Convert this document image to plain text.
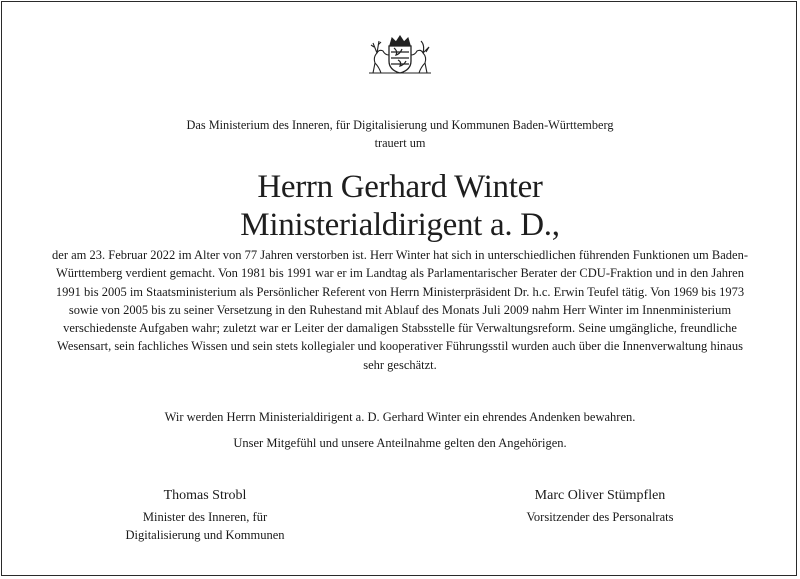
Das Ministerium des Inneren, für Digitalisierung und Kommunen Baden-Württemberg
trauert um
Herrn Gerhard Winter
Ministerialdirigent a. D.,

der am 23. Februar 2022 im Alter von 77 Jahren verstorben ist. Herr Winter hat sich in unterschiedlichen führenden Funktionen um Baden-Württemberg verdient gemacht. Von 1981 bis 1991 war er im Landtag als Parlamentarischer Berater der CDU-Fraktion und in den Jahren 1991 bis 2005 im Staatsministerium als Persönlicher Referent von Herrn Ministerpräsident Dr. h.c. Erwin Teufel tätig. Von 1969 bis 1973 sowie von 2005 bis zu seiner Versetzung in den Ruhestand mit Ablauf des Monats Juli 2009 nahm Herr Winter im Innenministerium verschiedenste Aufgaben wahr; zuletzt war er Leiter der damaligen Stabsstelle für Verwaltungsreform. Seine umgängliche, freundliche Wesensart, sein fachliches Wissen und sein stets kollegialer und kooperativer Führungsstil wurden auch über die Innenverwaltung hinaus sehr geschätzt.

Wir werden Herrn Ministerialdirigent a. D. Gerhard Winter ein ehrendes Andenken bewahren.
Unser Mitgefühl und unsere Anteilnahme gelten den Angehörigen.
Thomas Strobl
Minister des Inneren, für
Digitalisierung und Kommunen
Marc Oliver Stümpflen
Vorsitzender des Personalrats
